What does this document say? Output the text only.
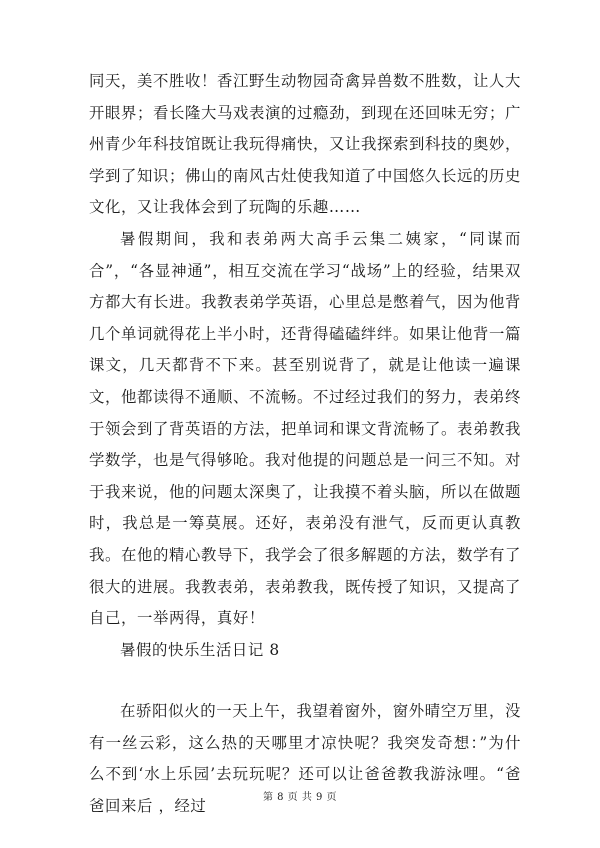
同天，美不胜收！香江野生动物园奇禽异兽数不胜数，让人大开眼界；看长隆大马戏表演的过瘾劲，到现在还回味无穷；广州青少年科技馆既让我玩得痛快，又让我探索到科技的奥妙，学到了知识；佛山的南风古灶使我知道了中国悠久长远的历史文化，又让我体会到了玩陶的乐趣……

暑假期间，我和表弟两大高手云集二姨家，“同谋而合”，“各显神通”，相互交流在学习“战场”上的经验，结果双方都大有长进。我教表弟学英语，心里总是憋着气，因为他背几个单词就得花上半小时，还背得磕磕绊绊。如果让他背一篇课文，几天都背不下来。甚至别说背了，就是让他读一遍课文，他都读得不通顺、不流畅。不过经过我们的努力，表弟终于领会到了背英语的方法，把单词和课文背流畅了。表弟教我学数学，也是气得够呛。我对他提的问题总是一问三不知。对于我来说，他的问题太深奥了，让我摸不着头脑，所以在做题时，我总是一筹莫展。还好，表弟没有泄气，反而更认真教我。在他的精心教导下，我学会了很多解题的方法，数学有了很大的进展。我教表弟，表弟教我，既传授了知识，又提高了自己，一举两得，真好！

暑假的快乐生活日记 8

在骄阳似火的一天上午，我望着窗外，窗外晴空万里，没有一丝云彩，这么热的天哪里才凉快呢？我突发奇想：”为什么不到‘水上乐园’去玩玩呢？还可以让爸爸教我游泳哩。“爸爸回来后 ，经过	第 8 页 共 9 页
